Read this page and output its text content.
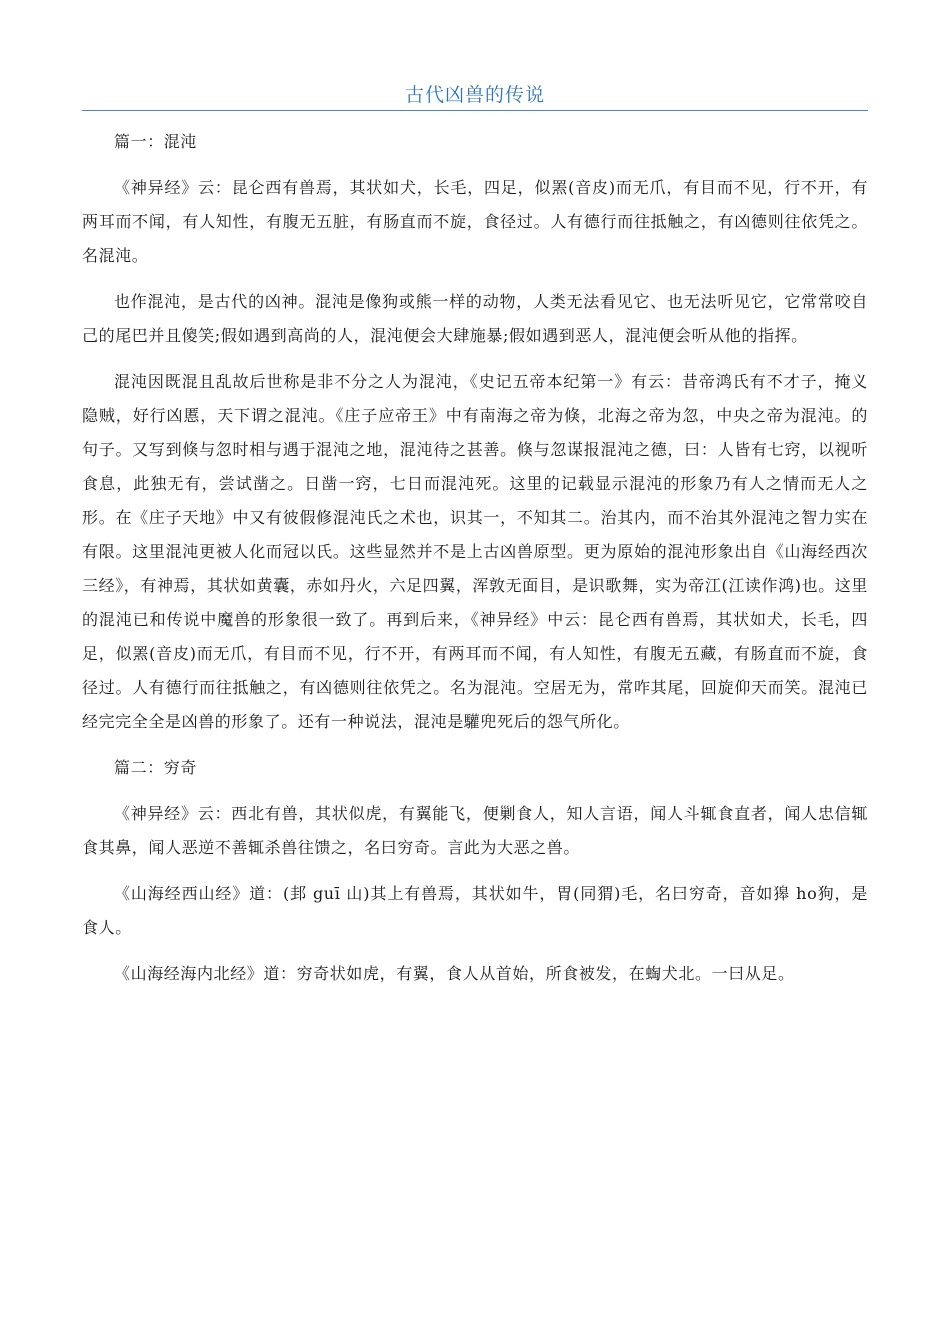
古代凶兽的传说

篇一：混沌

《神异经》云：昆仑西有兽焉，其状如犬，长毛，四足，似罴(音皮)而无爪，有目而不见，行不开，有两耳而不闻，有人知性，有腹无五脏，有肠直而不旋，食径过。人有德行而往抵触之，有凶德则往依凭之。名混沌。

也作混沌，是古代的凶神。混沌是像狗或熊一样的动物，人类无法看见它、也无法听见它，它常常咬自己的尾巴并且傻笑;假如遇到高尚的人，混沌便会大肆施暴;假如遇到恶人，混沌便会听从他的指挥。

混沌因既混且乱故后世称是非不分之人为混沌，《史记五帝本纪第一》有云：昔帝鸿氏有不才子，掩义隐贼，好行凶慝，天下谓之混沌。《庄子应帝王》中有南海之帝为倏，北海之帝为忽，中央之帝为混沌。的句子。又写到倏与忽时相与遇于混沌之地，混沌待之甚善。倏与忽谋报混沌之德，曰：人皆有七窍，以视听食息，此独无有，尝试凿之。日凿一窍，七日而混沌死。这里的记载显示混沌的形象乃有人之情而无人之形。在《庄子天地》中又有彼假修混沌氏之术也，识其一，不知其二。治其内，而不治其外混沌之智力实在有限。这里混沌更被人化而冠以氏。这些显然并不是上古凶兽原型。更为原始的混沌形象出自《山海经西次三经》，有神焉，其状如黄囊，赤如丹火，六足四翼，浑敦无面目，是识歌舞，实为帝江(江读作鸿)也。这里的混沌已和传说中魔兽的形象很一致了。再到后来，《神异经》中云：昆仑西有兽焉，其状如犬，长毛，四足，似罴(音皮)而无爪，有目而不见，行不开，有两耳而不闻，有人知性，有腹无五藏，有肠直而不旋，食径过。人有德行而往抵触之，有凶德则往依凭之。名为混沌。空居无为，常咋其尾，回旋仰天而笑。混沌已经完完全全是凶兽的形象了。还有一种说法，混沌是驩兜死后的怨气所化。

篇二：穷奇

《神异经》云：西北有兽，其状似虎，有翼能飞，便剿食人，知人言语，闻人斗辄食直者，闻人忠信辄食其鼻，闻人恶逆不善辄杀兽往馈之，名曰穷奇。言此为大恶之兽。

《山海经西山经》道：(邽 guī 山)其上有兽焉，其状如牛，胃(同猬)毛，名曰穷奇，音如獆 ho狗，是食人。

《山海经海内北经》道：穷奇状如虎，有翼，食人从首始，所食被发，在蜪犬北。一曰从足。
